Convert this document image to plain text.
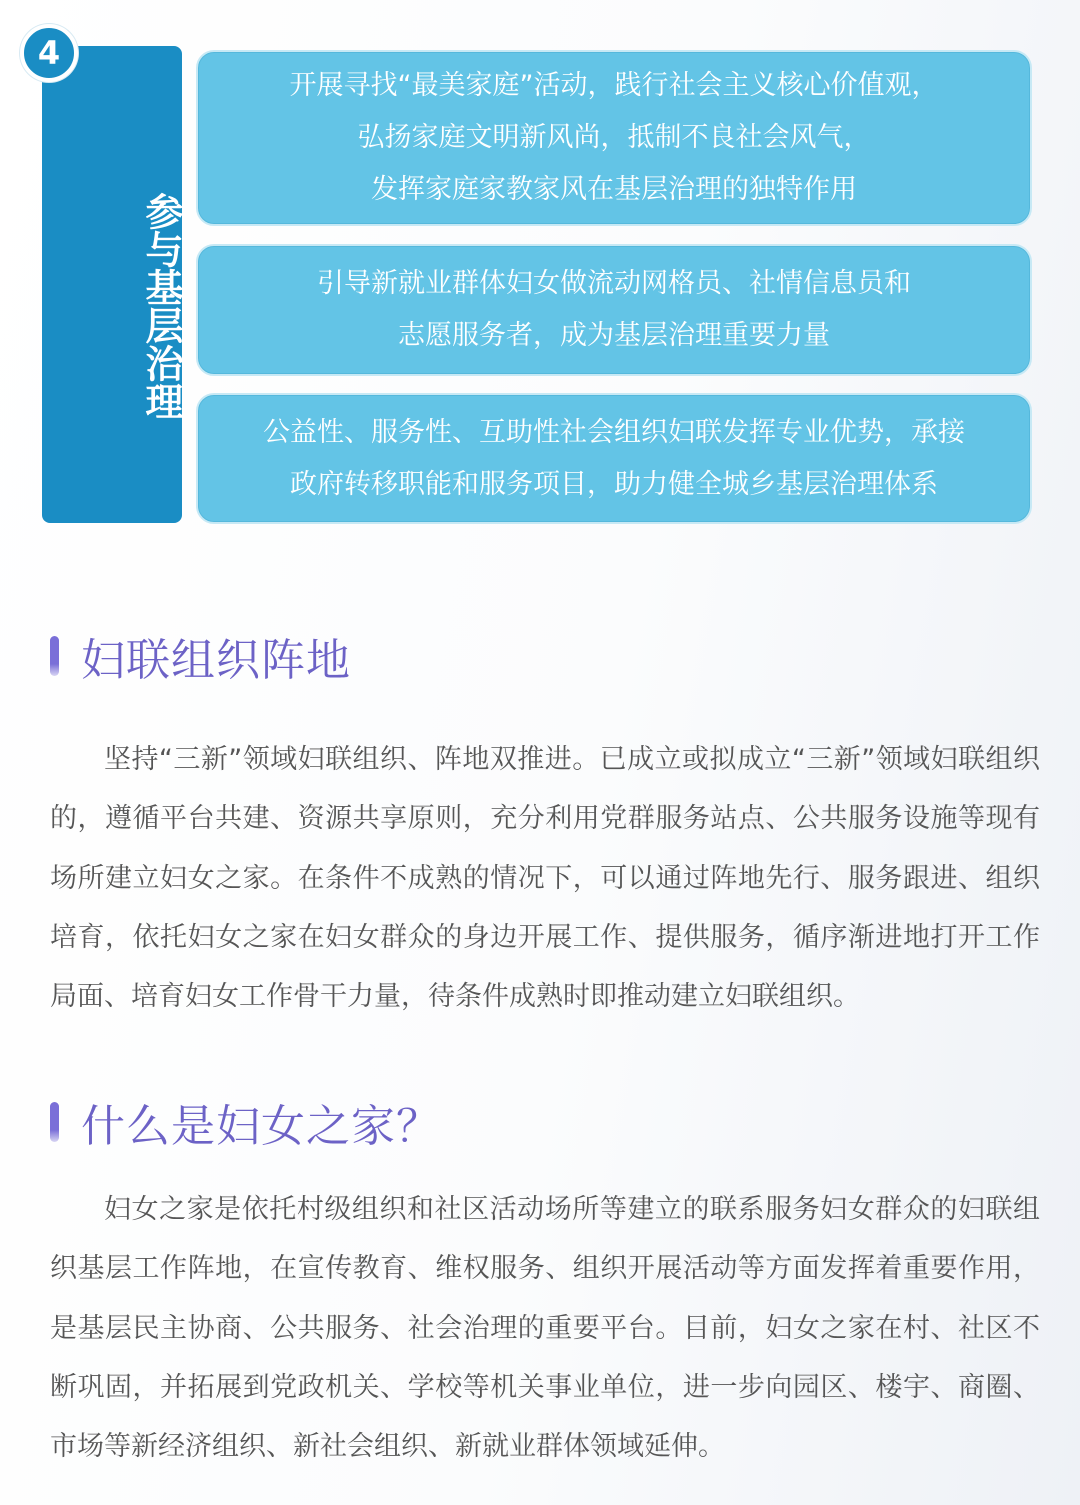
参与基层治理
4
开展寻找“最美家庭”活动，践行社会主义核心价值观，
弘扬家庭文明新风尚，抵制不良社会风气，
发挥家庭家教家风在基层治理的独特作用
引导新就业群体妇女做流动网格员、社情信息员和
志愿服务者，成为基层治理重要力量
公益性、服务性、互助性社会组织妇联发挥专业优势，承接
政府转移职能和服务项目，助力健全城乡基层治理体系
妇联组织阵地

坚持“三新”领域妇联组织、阵地双推进。已成立或拟成立“三新”领域妇联组织的，遵循平台共建、资源共享原则，充分利用党群服务站点、公共服务设施等现有场所建立妇女之家。在条件不成熟的情况下，可以通过阵地先行、服务跟进、组织培育，依托妇女之家在妇女群众的身边开展工作、提供服务，循序渐进地打开工作局面、培育妇女工作骨干力量，待条件成熟时即推动建立妇联组织。

什么是妇女之家？

妇女之家是依托村级组织和社区活动场所等建立的联系服务妇女群众的妇联组织基层工作阵地，在宣传教育、维权服务、组织开展活动等方面发挥着重要作用，是基层民主协商、公共服务、社会治理的重要平台。目前，妇女之家在村、社区不断巩固，并拓展到党政机关、学校等机关事业单位，进一步向园区、楼宇、商圈、市场等新经济组织、新社会组织、新就业群体领域延伸。
